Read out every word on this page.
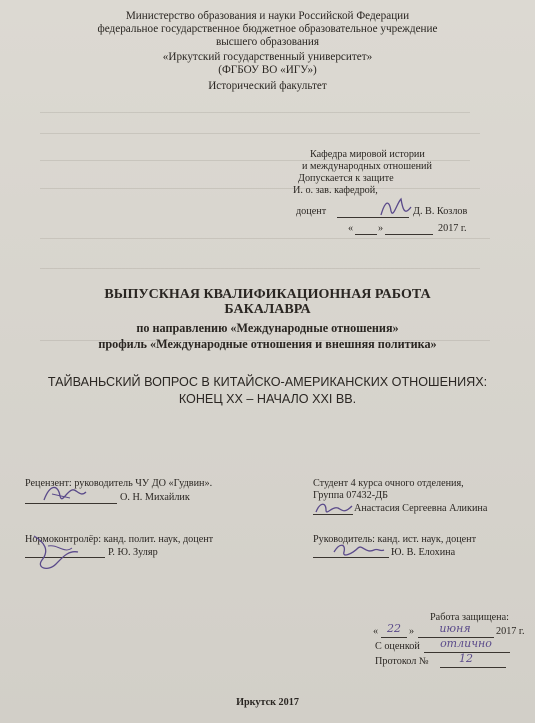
Министерство образования и науки Российской Федерации
федеральное государственное бюджетное образовательное учреждение
высшего образования
«Иркутский государственный университет»
(ФГБОУ ВО «ИГУ»)
Исторический факультет
Кафедра мировой истории
и международных отношений
Допускается к защите
И. о. зав. кафедрой,
доцент	Д. В. Козлов
« »	2017 г.
ВЫПУСКНАЯ КВАЛИФИКАЦИОННАЯ РАБОТА
БАКАЛАВРА
по направлению «Международные отношения»
профиль «Международные отношения и внешняя политика»
ТАЙВАНЬСКИЙ ВОПРОС В КИТАЙСКО-АМЕРИКАНСКИХ ОТНОШЕНИЯХ:
КОНЕЦ XX – НАЧАЛО XXI ВВ.
Рецензент: руководитель ЧУ ДО «Гудвин».
О. Н. Михайлик
Студент 4 курса очного отделения,
Группа 07432-ДБ
Анастасия Сергеевна Аликина
Нормоконтролёр: канд. полит. наук, доцент
Р. Ю. Зуляр
Руководитель: канд. ист. наук, доцент
Ю. В. Елохина
Работа защищена:
« 22 »	июня	2017 г.
С оценкой	отлично
Протокол №	12
Иркутск 2017
